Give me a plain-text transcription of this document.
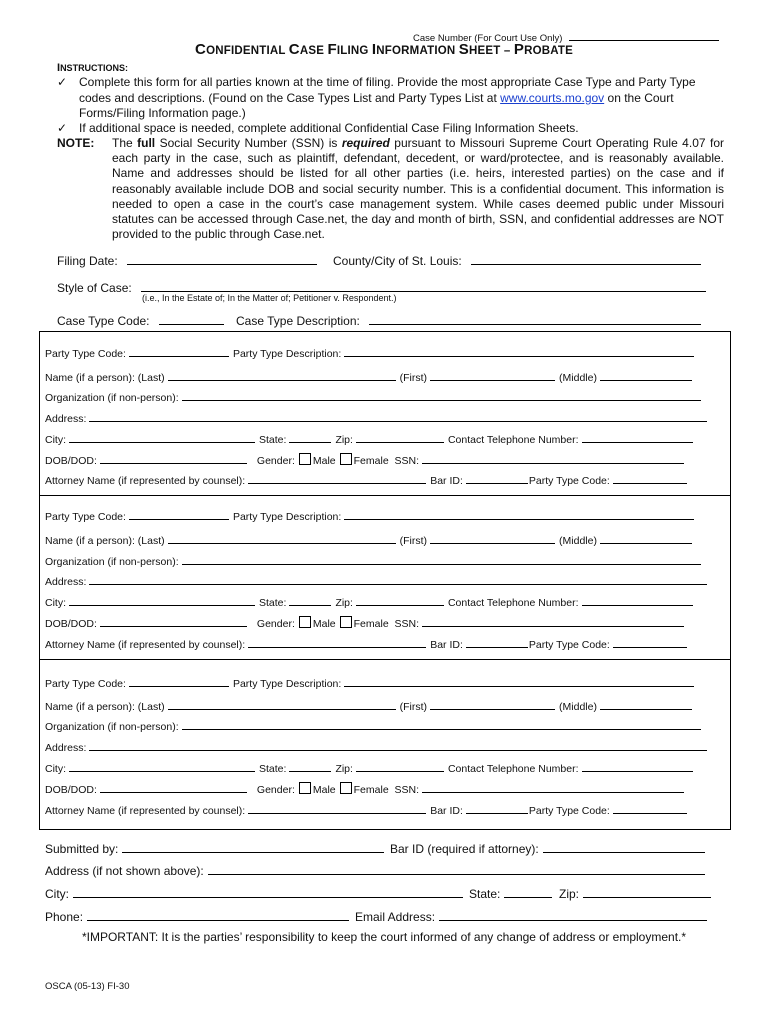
Case Number (For Court Use Only)
CONFIDENTIAL CASE FILING INFORMATION SHEET – PROBATE
INSTRUCTIONS:
✓ Complete this form for all parties known at the time of filing. Provide the most appropriate Case Type and Party Type codes and descriptions. (Found on the Case Types List and Party Types List at www.courts.mo.gov on the Court Forms/Filing Information page.)
✓ If additional space is needed, complete additional Confidential Case Filing Information Sheets.
NOTE: The full Social Security Number (SSN) is required pursuant to Missouri Supreme Court Operating Rule 4.07 for each party in the case, such as plaintiff, defendant, decedent, or ward/protectee, and is reasonably available. Name and addresses should be listed for all other parties (i.e. heirs, interested parties) on the case and if reasonably available include DOB and social security number. This is a confidential document. This information is needed to open a case in the court’s case management system. While cases deemed public under Missouri statutes can be accessed through Case.net, the day and month of birth, SSN, and confidential addresses are NOT provided to the public through Case.net.
Filing Date:	County/City of St. Louis:
Style of Case:
(i.e., In the Estate of; In the Matter of; Petitioner v. Respondent.)
Case Type Code:	Case Type Description:
Party Type Code:	Party Type Description:
Name (if a person): (Last)	(First)	(Middle)
Organization (if non-person):
Address:
City:	State:	Zip:	Contact Telephone Number:
DOB/DOD:	Gender: Male Female SSN:
Attorney Name (if represented by counsel):	Bar ID:	Party Type Code:
Party Type Code:	Party Type Description:
Name (if a person): (Last)	(First)	(Middle)
Organization (if non-person):
Address:
City:	State:	Zip:	Contact Telephone Number:
DOB/DOD:	Gender: Male Female SSN:
Attorney Name (if represented by counsel):	Bar ID:	Party Type Code:
Party Type Code:	Party Type Description:
Name (if a person): (Last)	(First)	(Middle)
Organization (if non-person):
Address:
City:	State:	Zip:	Contact Telephone Number:
DOB/DOD:	Gender: Male Female SSN:
Attorney Name (if represented by counsel):	Bar ID:	Party Type Code:
Submitted by:	Bar ID (required if attorney):
Address (if not shown above):
City:	State:	Zip:
Phone:	Email Address:
*IMPORTANT: It is the parties’ responsibility to keep the court informed of any change of address or employment.*
OSCA (05-13) FI-30
